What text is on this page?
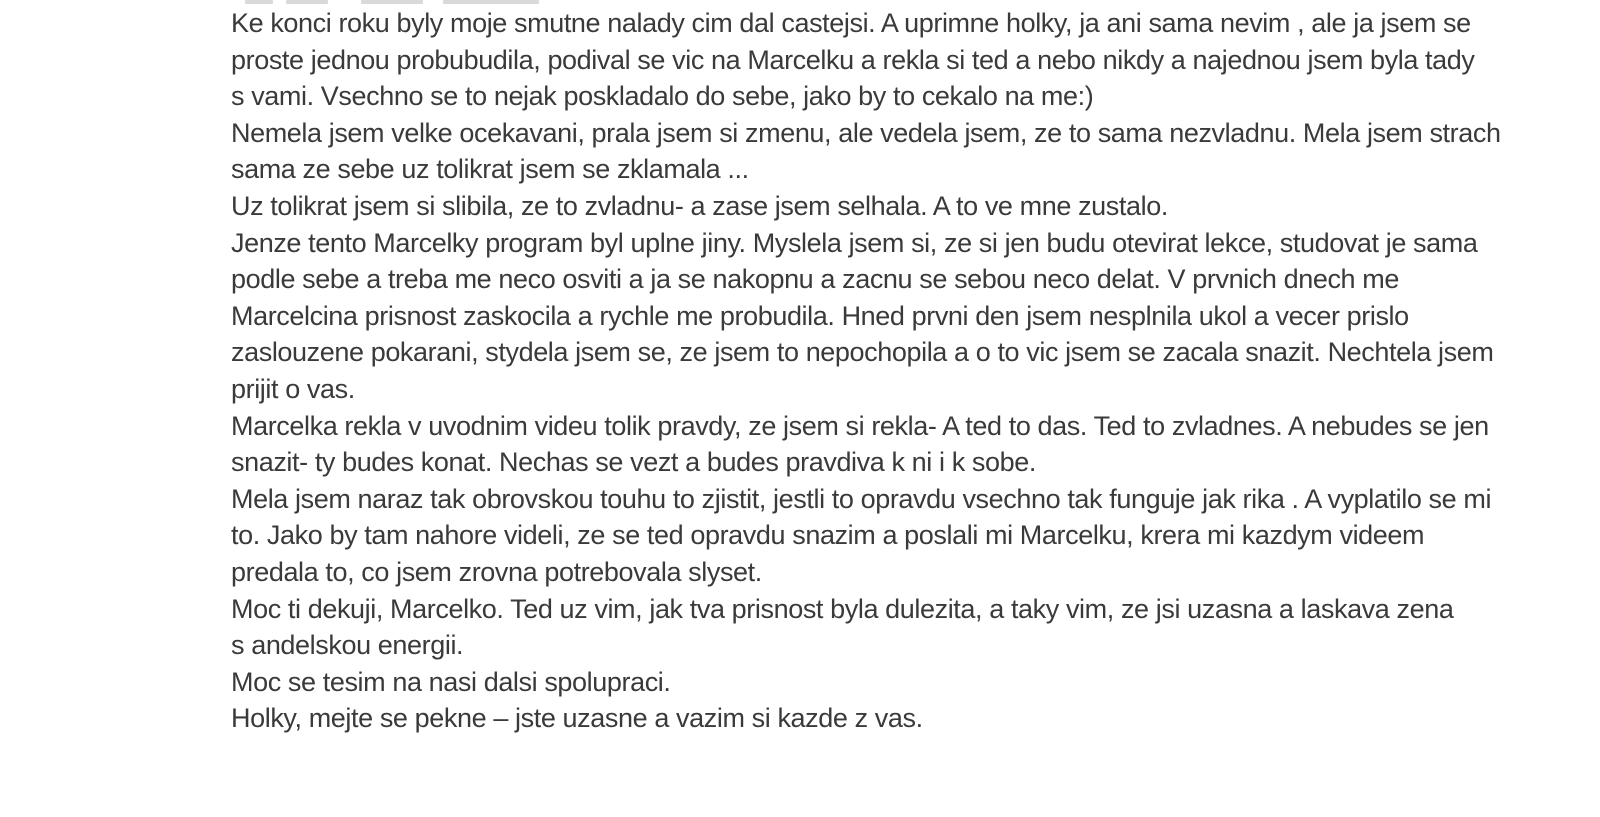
Ke konci roku byly moje smutne nalady cim dal castejsi. A uprimne holky, ja ani sama nevim , ale ja jsem se
proste jednou probubudila, podival se vic na Marcelku a rekla si ted a nebo nikdy a najednou jsem byla tady
s vami. Vsechno se to nejak poskladalo do sebe, jako by to cekalo na me:)
Nemela jsem velke ocekavani, prala jsem si zmenu, ale vedela jsem, ze to sama nezvladnu. Mela jsem strach
sama ze sebe uz tolikrat jsem se zklamala ...
Uz tolikrat jsem si slibila, ze to zvladnu- a zase jsem selhala. A to ve mne zustalo.
Jenze tento Marcelky program byl uplne jiny. Myslela jsem si, ze si jen budu otevirat lekce, studovat je sama
podle sebe a treba me neco osviti a ja se nakopnu a zacnu se sebou neco delat. V prvnich dnech me
Marcelcina prisnost zaskocila a rychle me probudila. Hned prvni den jsem nesplnila ukol a vecer prislo
zaslouzene pokarani, stydela jsem se, ze jsem to nepochopila a o to vic jsem se zacala snazit. Nechtela jsem
prijit o vas.
Marcelka rekla v uvodnim videu tolik pravdy, ze jsem si rekla- A ted to das. Ted to zvladnes. A nebudes se jen
snazit- ty budes konat. Nechas se vezt a budes pravdiva k ni i k sobe.
Mela jsem naraz tak obrovskou touhu to zjistit, jestli to opravdu vsechno tak funguje jak rika . A vyplatilo se mi
to. Jako by tam nahore videli, ze se ted opravdu snazim a poslali mi Marcelku, krera mi kazdym videem
predala to, co jsem zrovna potrebovala slyset.
Moc ti dekuji, Marcelko. Ted uz vim, jak tva prisnost byla dulezita, a taky vim, ze jsi uzasna a laskava zena
s andelskou energii.
Moc se tesim na nasi dalsi spolupraci.
Holky, mejte se pekne – jste uzasne a vazim si kazde z vas.
